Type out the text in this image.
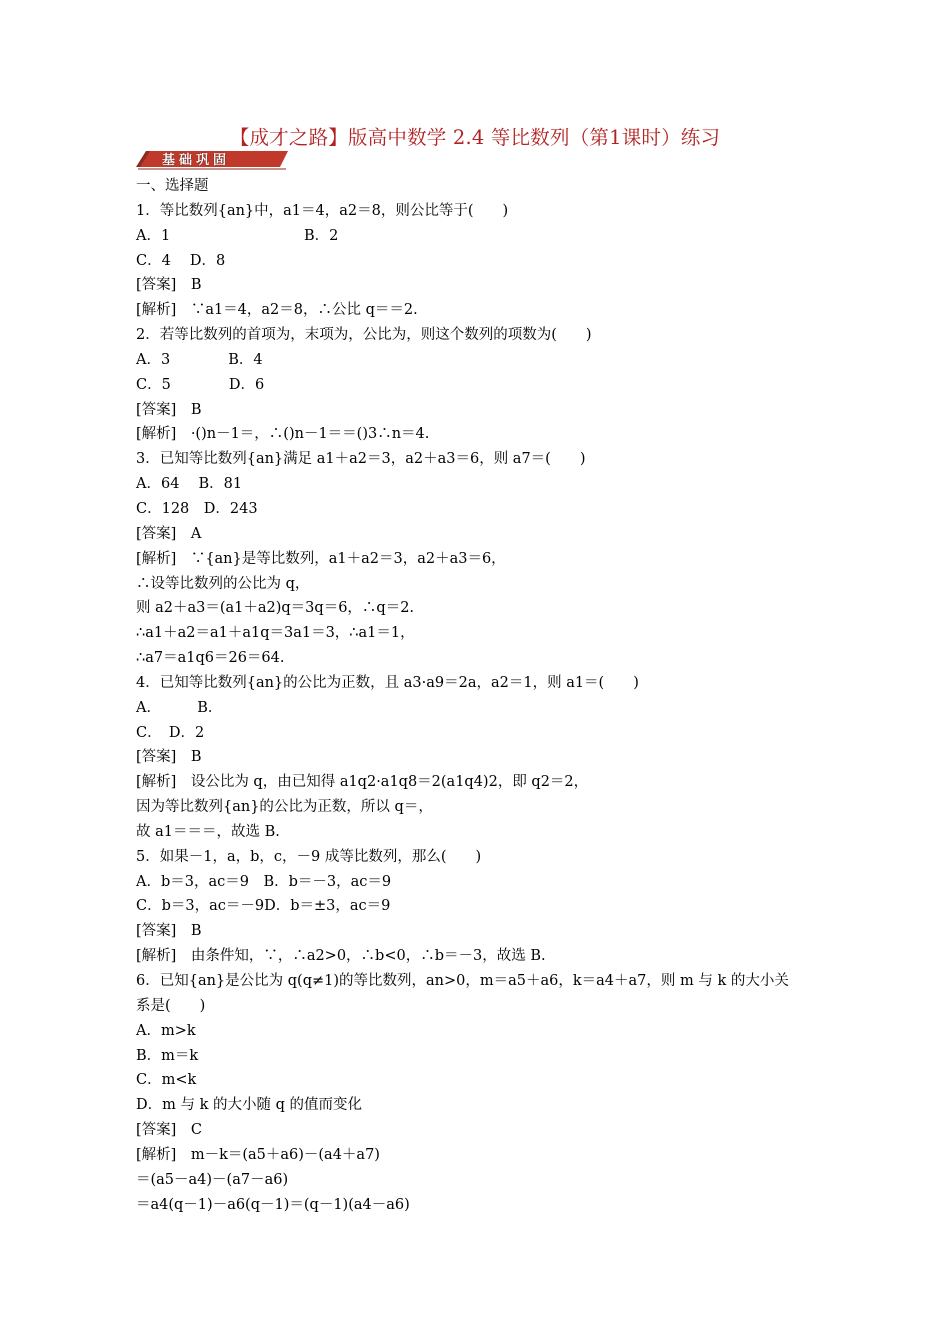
【成才之路】版高中数学 2.4 等比数列（第1课时）练习
基础巩固
一、选择题
1．等比数列{an}中，a1＝4，a2＝8，则公比等于(　　)
A．1	B．2
C．4　 D．8
[答案]　B
[解析]　∵a1＝4，a2＝8，∴公比 q＝＝2.
2．若等比数列的首项为，末项为，公比为，则这个数列的项数为(　　)
A．3　　　　B．4
C．5　　　　D．6
[答案]　B
[解析]　·()n－1＝，∴()n－1＝＝()3∴n＝4.
3．已知等比数列{an}满足 a1＋a2＝3，a2＋a3＝6，则 a7＝(　　)
A．64　 B．81
C．128　D．243
[答案]　A
[解析]　∵{an}是等比数列，a1＋a2＝3，a2＋a3＝6，
∴设等比数列的公比为 q，
则 a2＋a3＝(a1＋a2)q＝3q＝6，∴q＝2.
∴a1＋a2＝a1＋a1q＝3a1＝3，∴a1＝1，
∴a7＝a1q6＝26＝64.
4．已知等比数列{an}的公比为正数，且 a3·a9＝2a，a2＝1，则 a1＝(　　)
A．　　　B．
C．　D．2
[答案]　B
[解析]　设公比为 q，由已知得 a1q2·a1q8＝2(a1q4)2，即 q2＝2，
因为等比数列{an}的公比为正数，所以 q＝，
故 a1＝＝＝，故选 B.
5．如果－1，a，b，c，－9 成等比数列，那么(　　)
A．b＝3，ac＝9　B．b＝－3，ac＝9
C．b＝3，ac＝－9D．b＝±3，ac＝9
[答案]　B
[解析]　由条件知，∵，∴a2>0，∴b<0，∴b＝－3，故选 B.
6．已知{an}是公比为 q(q≠1)的等比数列，an>0，m＝a5＋a6，k＝a4＋a7，则 m 与 k 的大小关
系是(　　)
A．m>k
B．m＝k
C．m<k
D．m 与 k 的大小随 q 的值而变化
[答案]　C
[解析]　m－k＝(a5＋a6)－(a4＋a7)
＝(a5－a4)－(a7－a6)
＝a4(q－1)－a6(q－1)＝(q－1)(a4－a6)
